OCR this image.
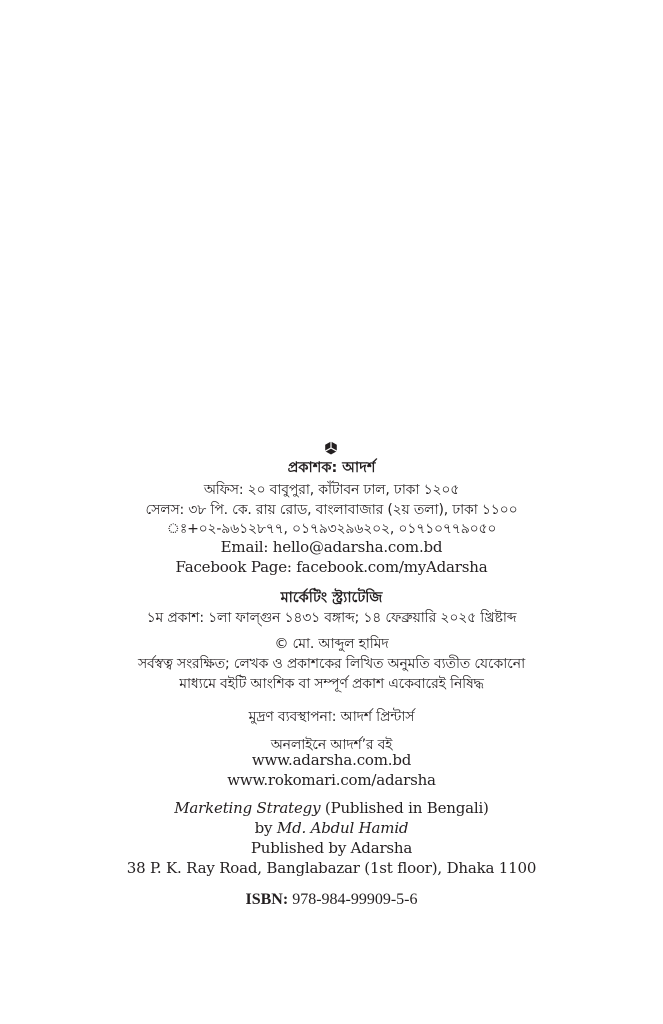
প্রকাশক: আদর্শ
অফিস: ২০ বাবুপুরা, কাঁটাবন ঢাল, ঢাকা ১২০৫
সেলস: ৩৮ পি. কে. রায় রোড, বাংলাবাজার (২য় তলা), ঢাকা ১১০০
ঃ+০২-৯৬১২৮৭৭, ০১৭৯৩২৯৬২০২, ০১৭১০৭৭৯০৫০
Email: hello@adarsha.com.bd
Facebook Page: facebook.com/myAdarsha
মার্কেটিং স্ট্র্যাটেজি
১ম প্রকাশ: ১লা ফাল্গুন ১৪৩১ বঙ্গাব্দ; ১৪ ফেব্রুয়ারি ২০২৫ খ্রিষ্টাব্দ
© মো. আব্দুল হামিদ
সর্বস্বত্ব সংরক্ষিত; লেখক ও প্রকাশকের লিখিত অনুমতি ব্যতীত যেকোনো
মাধ্যমে বইটি আংশিক বা সম্পূর্ণ প্রকাশ একেবারেই নিষিদ্ধ
মুদ্রণ ব্যবস্থাপনা: আদর্শ প্রিন্টার্স
অনলাইনে আদর্শ’র বই
www.adarsha.com.bd
www.rokomari.com/adarsha
Marketing Strategy (Published in Bengali)
by Md. Abdul Hamid
Published by Adarsha
38 P. K. Ray Road, Banglabazar (1st floor), Dhaka 1100
ISBN: 978-984-99909-5-6
